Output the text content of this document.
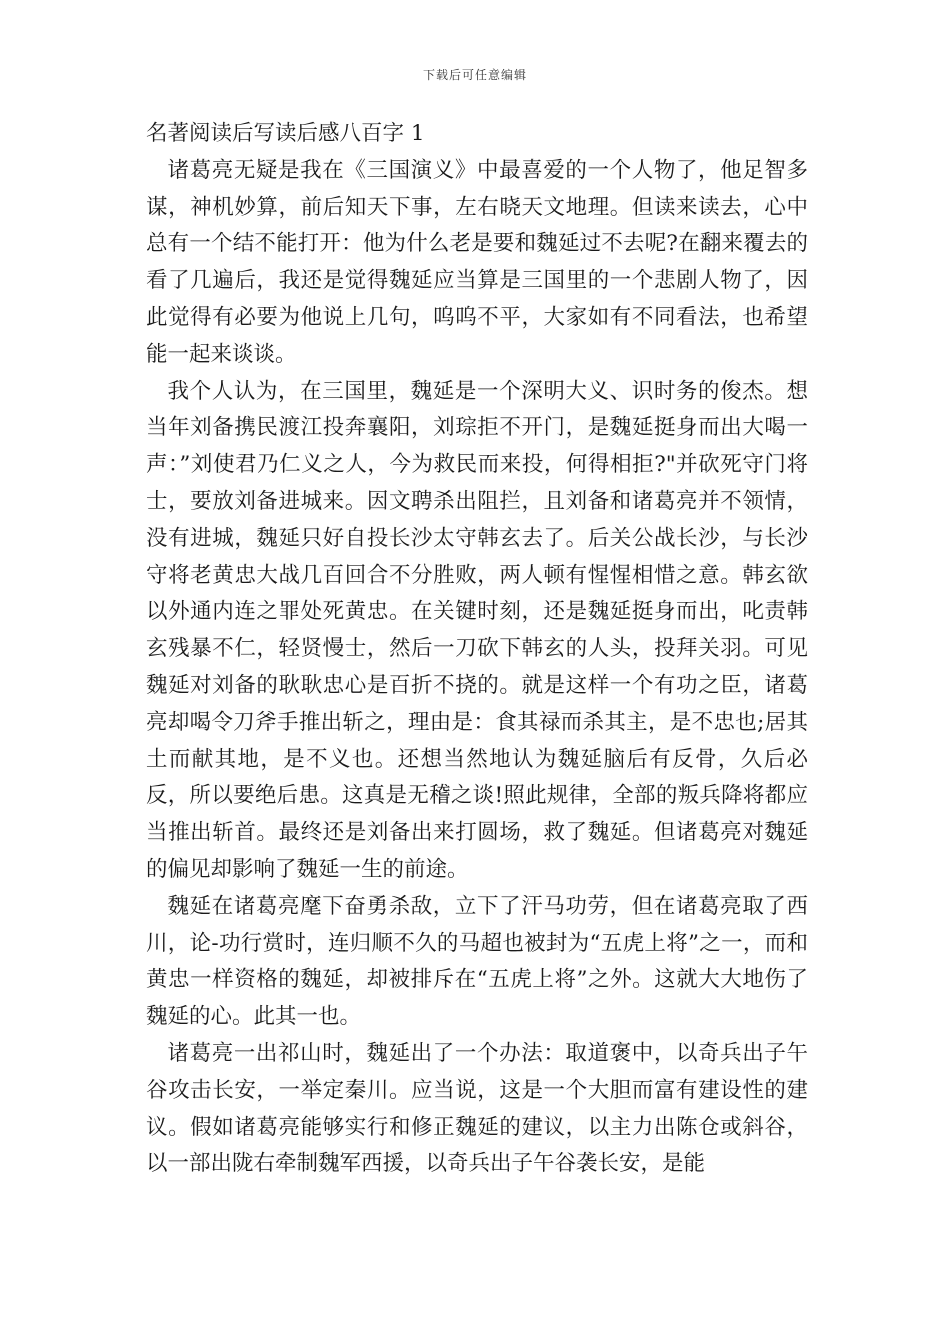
下载后可任意编辑

名著阅读后写读后感八百字 1

诸葛亮无疑是我在《三国演义》中最喜爱的一个人物了，他足智多谋，神机妙算，前后知天下事，左右晓天文地理。但读来读去，心中总有一个结不能打开：他为什么老是要和魏延过不去呢?在翻来覆去的看了几遍后，我还是觉得魏延应当算是三国里的一个悲剧人物了，因此觉得有必要为他说上几句，呜呜不平，大家如有不同看法，也希望能一起来谈谈。

我个人认为，在三国里，魏延是一个深明大义、识时务的俊杰。想当年刘备携民渡江投奔襄阳，刘琮拒不开门，是魏延挺身而出大喝一声：”刘使君乃仁义之人，今为救民而来投，何得相拒?"并砍死守门将士，要放刘备进城来。因文聘杀出阻拦，且刘备和诸葛亮并不领情，没有进城，魏延只好自投长沙太守韩玄去了。后关公战长沙，与长沙守将老黄忠大战几百回合不分胜败，两人顿有惺惺相惜之意。韩玄欲以外通内连之罪处死黄忠。在关键时刻，还是魏延挺身而出，叱责韩玄残暴不仁，轻贤慢士，然后一刀砍下韩玄的人头，投拜关羽。可见魏延对刘备的耿耿忠心是百折不挠的。就是这样一个有功之臣，诸葛亮却喝令刀斧手推出斩之，理由是：食其禄而杀其主，是不忠也;居其土而献其地，是不义也。还想当然地认为魏延脑后有反骨，久后必反，所以要绝后患。这真是无稽之谈!照此规律，全部的叛兵降将都应当推出斩首。最终还是刘备出来打圆场，救了魏延。但诸葛亮对魏延的偏见却影响了魏延一生的前途。

魏延在诸葛亮麾下奋勇杀敌，立下了汗马功劳，但在诸葛亮取了西川，论-功行赏时，连归顺不久的马超也被封为“五虎上将”之一，而和黄忠一样资格的魏延，却被排斥在“五虎上将”之外。这就大大地伤了魏延的心。此其一也。

诸葛亮一出祁山时，魏延出了一个办法：取道褒中，以奇兵出子午谷攻击长安，一举定秦川。应当说，这是一个大胆而富有建设性的建议。假如诸葛亮能够实行和修正魏延的建议，以主力出陈仓或斜谷，以一部出陇右牵制魏军西援，以奇兵出子午谷袭长安，是能
